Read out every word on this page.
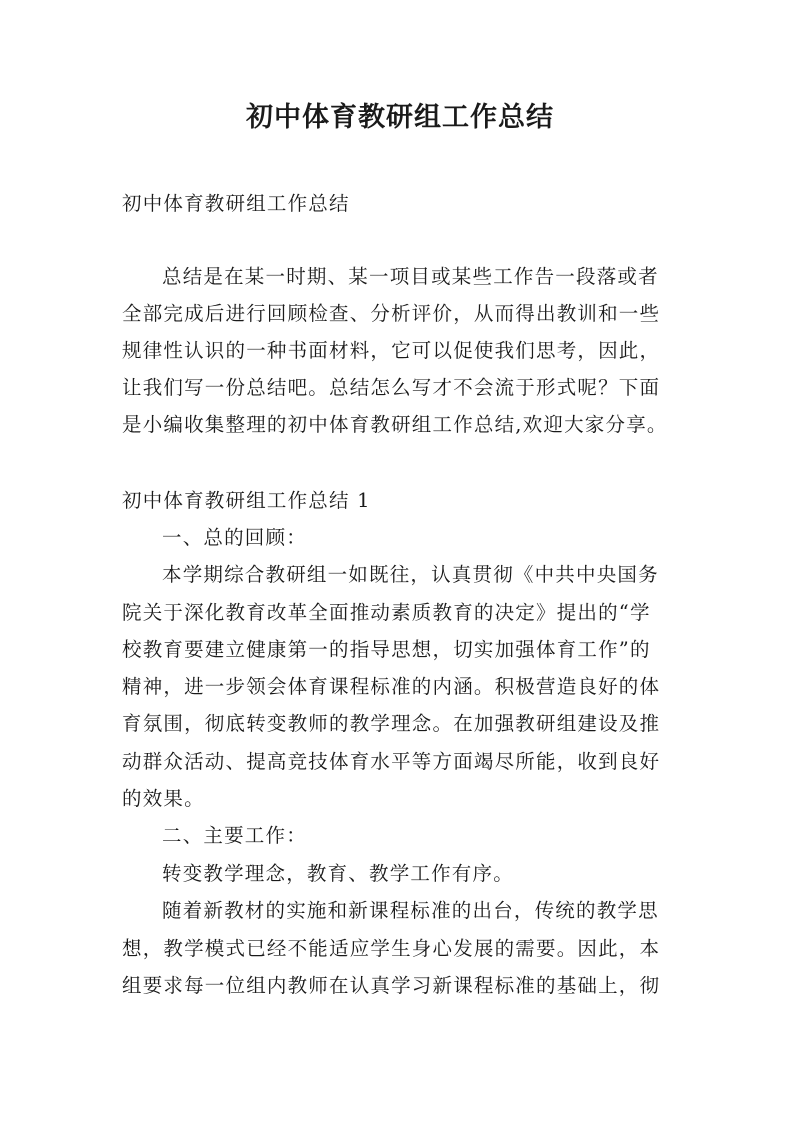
初中体育教研组工作总结
初中体育教研组工作总结
总结是在某一时期、某一项目或某些工作告一段落或者
全部完成后进行回顾检查、分析评价，从而得出教训和一些
规律性认识的一种书面材料，它可以促使我们思考，因此，
让我们写一份总结吧。总结怎么写才不会流于形式呢？下面
是小编收集整理的初中体育教研组工作总结,欢迎大家分享。
初中体育教研组工作总结 1
一、总的回顾：
本学期综合教研组一如既往，认真贯彻《中共中央国务
院关于深化教育改革全面推动素质教育的决定》提出的“学
校教育要建立健康第一的指导思想，切实加强体育工作”的
精神，进一步领会体育课程标准的内涵。积极营造良好的体
育氛围，彻底转变教师的教学理念。在加强教研组建设及推
动群众活动、提高竞技体育水平等方面竭尽所能，收到良好
的效果。
二、主要工作：
转变教学理念，教育、教学工作有序。
随着新教材的实施和新课程标准的出台，传统的教学思
想，教学模式已经不能适应学生身心发展的需要。因此，本
组要求每一位组内教师在认真学习新课程标准的基础上，彻
